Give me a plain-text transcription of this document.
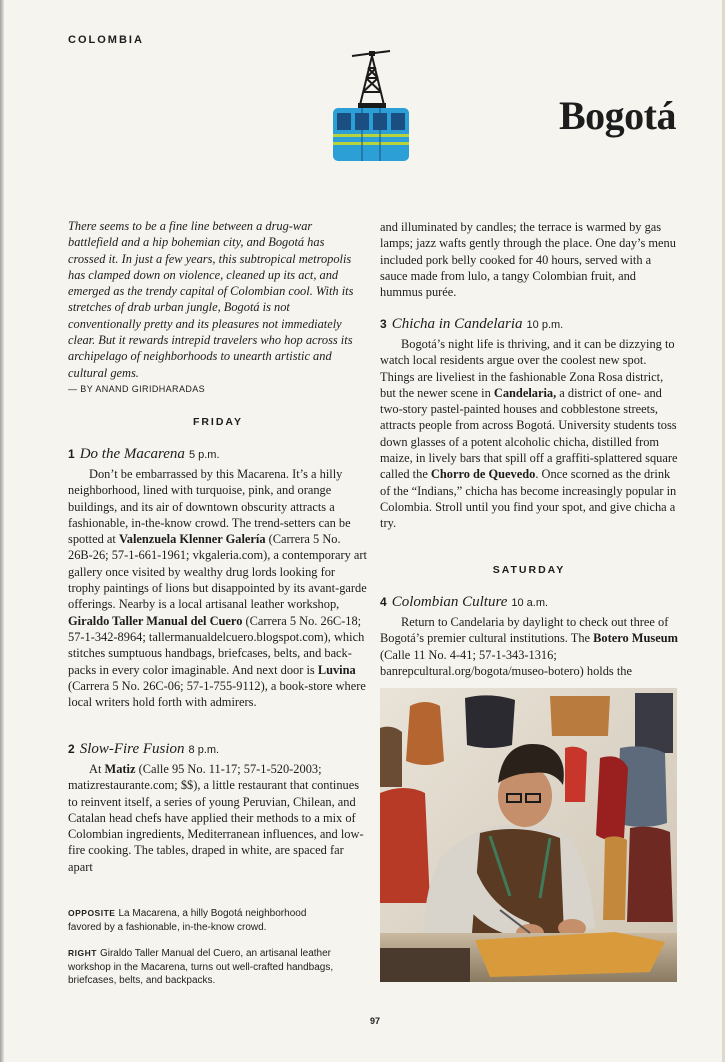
COLOMBIA
Bogotá

There seems to be a fine line between a drug-war battlefield and a hip bohemian city, and Bogotá has crossed it. In just a few years, this subtropical metropolis has clamped down on violence, cleaned up its act, and emerged as the trendy capital of Colombian cool. With its stretches of drab urban jungle, Bogotá is not conventionally pretty and its pleasures not immediately clear. But it rewards intrepid travelers who hop across its archipelago of neighborhoods to unearth artistic and cultural gems.

— BY ANAND GIRIDHARADAS

FRIDAY
1 Do the Macarena 5 p.m.

Don’t be embarrassed by this Macarena. It’s a hilly neighborhood, lined with turquoise, pink, and orange buildings, and its air of downtown obscurity attracts a fashionable, in-the-know crowd. The trend-setters can be spotted at Valenzuela Klenner Galería (Carrera 5 No. 26B-26; 57-1-661-1961; vkgaleria.com), a contemporary art gallery once visited by wealthy drug lords looking for trophy paintings of lions but disappointed by its avant-garde offerings. Nearby is a local artisanal leather workshop, Giraldo Taller Manual del Cuero (Carrera 5 No. 26C-18; 57-1-342-8964; tallermanualdelcuero.blogspot.com), which stitches sumptuous handbags, briefcases, belts, and back-packs in every color imaginable. And next door is Luvina (Carrera 5 No. 26C-06; 57-1-755-9112), a book-store where local writers hold forth with admirers.

2 Slow-Fire Fusion 8 p.m.

At Matiz (Calle 95 No. 11-17; 57-1-520-2003; matizrestaurante.com; $$), a little restaurant that continues to reinvent itself, a series of young Peruvian, Chilean, and Catalan head chefs have applied their methods to a mix of Colombian ingredients, Mediterranean influences, and low-fire cooking. The tables, draped in white, are spaced far apart

OPPOSITE La Macarena, a hilly Bogotá neighborhood favored by a fashionable, in-the-know crowd.
RIGHT Giraldo Taller Manual del Cuero, an artisanal leather workshop in the Macarena, turns out well-crafted handbags, briefcases, belts, and backpacks.

and illuminated by candles; the terrace is warmed by gas lamps; jazz wafts gently through the place. One day’s menu included pork belly cooked for 40 hours, served with a sauce made from lulo, a tangy Colombian fruit, and hummus purée.

3 Chicha in Candelaria 10 p.m.

Bogotá’s night life is thriving, and it can be dizzying to watch local residents argue over the coolest new spot. Things are liveliest in the fashionable Zona Rosa district, but the newer scene in Candelaria, a district of one- and two-story pastel-painted houses and cobblestone streets, attracts people from across Bogotá. University students toss down glasses of a potent alcoholic chicha, distilled from maize, in lively bars that spill off a graffiti-splattered square called the Chorro de Quevedo. Once scorned as the drink of the “Indians,” chicha has become increasingly popular in Colombia. Stroll until you find your spot, and give chicha a try.

SATURDAY
4 Colombian Culture 10 a.m.

Return to Candelaria by daylight to check out three of Bogotá’s premier cultural institutions. The Botero Museum (Calle 11 No. 4-41; 57-1-343-1316; banrepcultural.org/bogota/museo-botero) holds the

97
